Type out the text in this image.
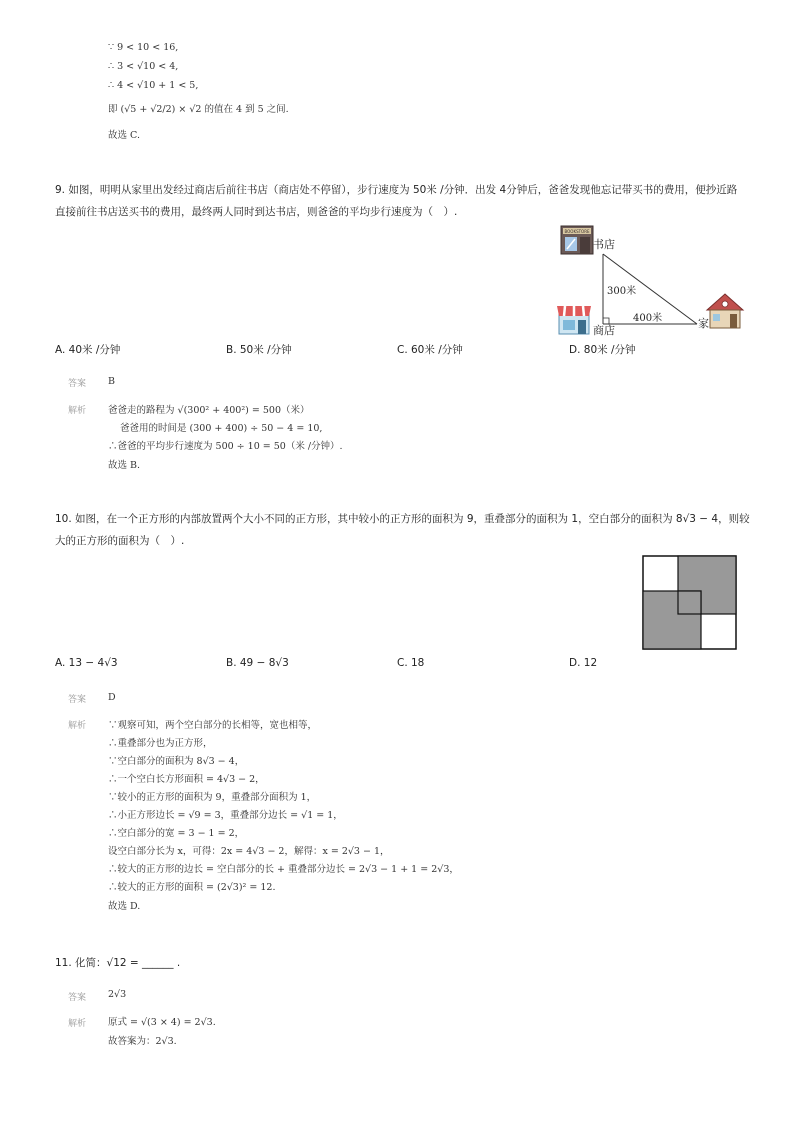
∵ 9 < 10 < 16,
∴ 3 < √10 < 4,
∴ 4 < √10 + 1 < 5,
即 (√5 + √2/2) × √2 的值在 4 到 5 之间.
故选 C.
9. 如图，明明从家里出发经过商店后前往书店（商店处不停留），步行速度为 50米 /分钟．出发 4分钟后，爸爸发现他忘记带买书的费用，便抄近路
直接前往书店送买书的费用，最终两人同时到达书店，则爸爸的平均步行速度为（　）.
BOOKSTORE
书店
300米
400米
商店
家
A. 40米 /分钟	B. 50米 /分钟	C. 60米 /分钟	D. 80米 /分钟
答案 B
解析 爸爸走的路程为 √(300² + 400²) = 500（米）
爸爸用的时间是 (300 + 400) ÷ 50 − 4 = 10,
∴爸爸的平均步行速度为 500 ÷ 10 = 50（米 /分钟）.
故选 B.
10. 如图，在一个正方形的内部放置两个大小不同的正方形，其中较小的正方形的面积为 9，重叠部分的面积为 1，空白部分的面积为 8√3 − 4，则较
大的正方形的面积为（　）.
A. 13 − 4√3	B. 49 − 8√3	C. 18	D. 12
答案 D
解析 ∵观察可知，两个空白部分的长相等，宽也相等，
∴重叠部分也为正方形，
∵空白部分的面积为 8√3 − 4，
∴一个空白长方形面积 = 4√3 − 2，
∵较小的正方形的面积为 9，重叠部分面积为 1，
∴小正方形边长 = √9 = 3，重叠部分边长 = √1 = 1，
∴空白部分的宽 = 3 − 1 = 2，
设空白部分长为 x，可得：2x = 4√3 − 2，解得：x = 2√3 − 1，
∴较大的正方形的边长 = 空白部分的长 + 重叠部分边长 = 2√3 − 1 + 1 = 2√3，
∴较大的正方形的面积 = (2√3)² = 12.
故选 D.
11. 化简：√12 = ______ .
答案 2√3
解析 原式 = √(3 × 4) = 2√3.
故答案为：2√3.
